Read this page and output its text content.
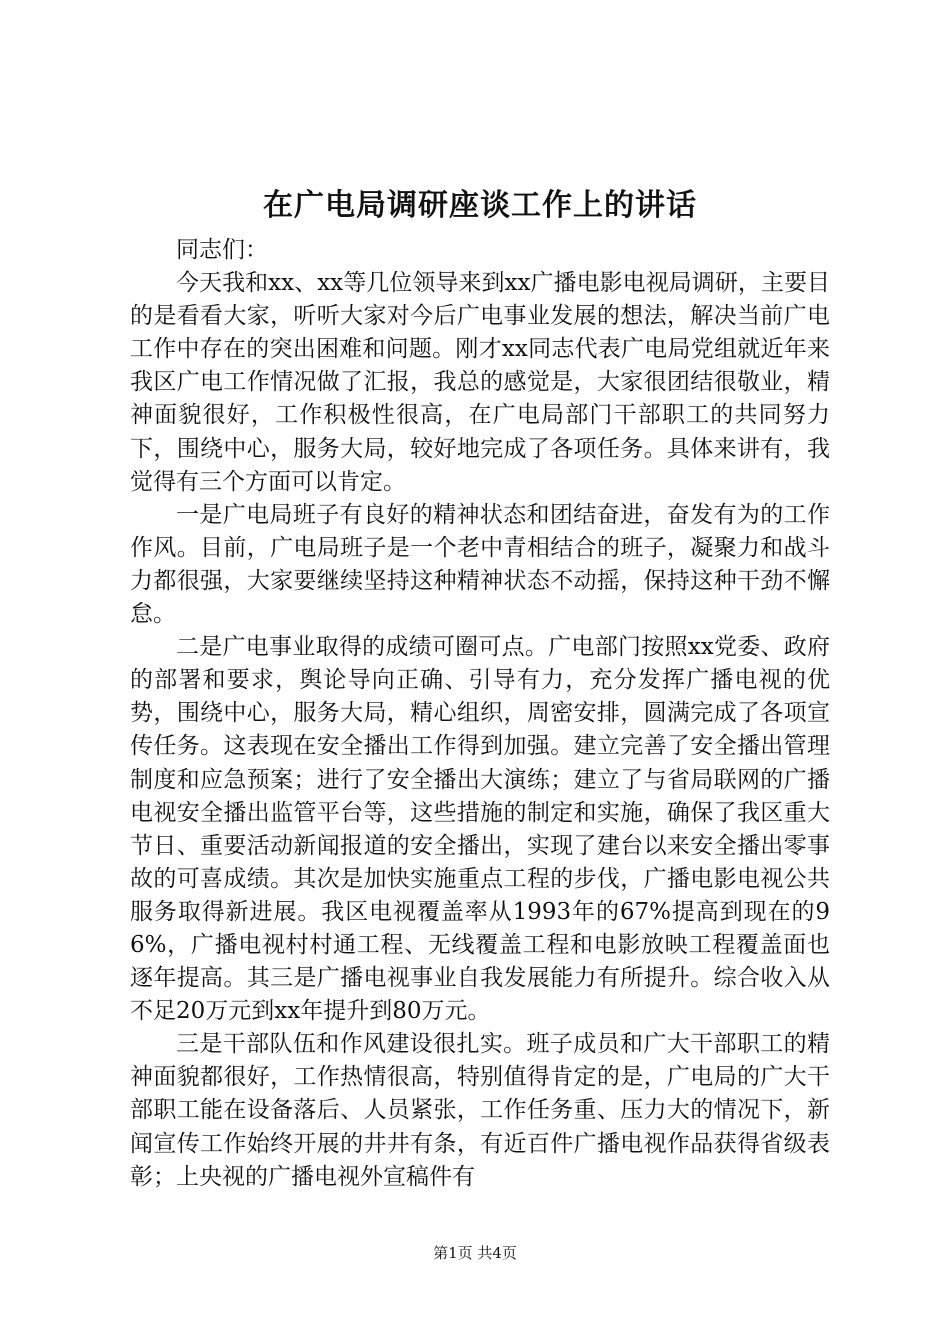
在广电局调研座谈工作上的讲话

同志们：

今天我和xx、xx等几位领导来到xx广播电影电视局调研，主要目的是看看大家，听听大家对今后广电事业发展的想法，解决当前广电工作中存在的突出困难和问题。刚才xx同志代表广电局党组就近年来我区广电工作情况做了汇报，我总的感觉是，大家很团结很敬业，精神面貌很好，工作积极性很高，在广电局部门干部职工的共同努力下，围绕中心，服务大局，较好地完成了各项任务。具体来讲有，我觉得有三个方面可以肯定。

一是广电局班子有良好的精神状态和团结奋进，奋发有为的工作作风。目前，广电局班子是一个老中青相结合的班子，凝聚力和战斗力都很强，大家要继续坚持这种精神状态不动摇，保持这种干劲不懈怠。

二是广电事业取得的成绩可圈可点。广电部门按照xx党委、政府的部署和要求，舆论导向正确、引导有力，充分发挥广播电视的优势，围绕中心，服务大局，精心组织，周密安排，圆满完成了各项宣传任务。这表现在安全播出工作得到加强。建立完善了安全播出管理制度和应急预案；进行了安全播出大演练；建立了与省局联网的广播电视安全播出监管平台等，这些措施的制定和实施，确保了我区重大节日、重要活动新闻报道的安全播出，实现了建台以来安全播出零事故的可喜成绩。其次是加快实施重点工程的步伐，广播电影电视公共服务取得新进展。我区电视覆盖率从1993年的67%提高到现在的96%，广播电视村村通工程、无线覆盖工程和电影放映工程覆盖面也逐年提高。其三是广播电视事业自我发展能力有所提升。综合收入从不足20万元到xx年提升到80万元。

三是干部队伍和作风建设很扎实。班子成员和广大干部职工的精神面貌都很好，工作热情很高，特别值得肯定的是，广电局的广大干部职工能在设备落后、人员紧张，工作任务重、压力大的情况下，新闻宣传工作始终开展的井井有条，有近百件广播电视作品获得省级表彰；上央视的广播电视外宣稿件有

第1页 共4页
